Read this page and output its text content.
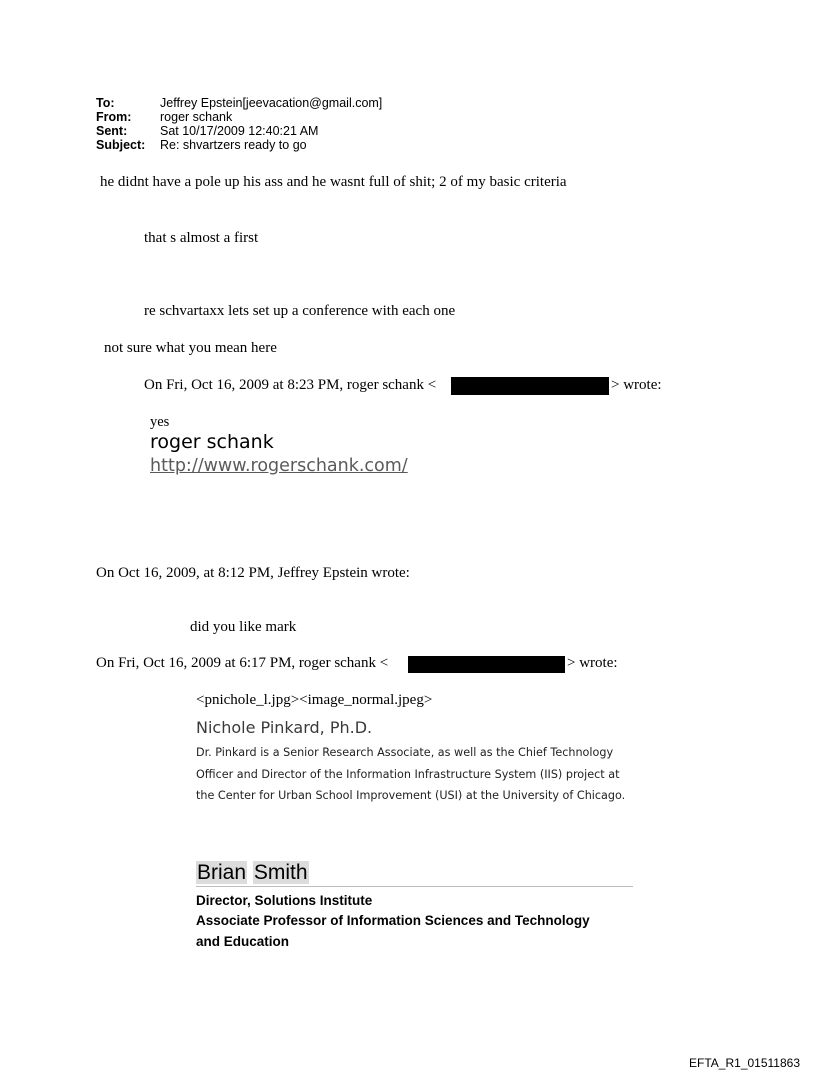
To:	Jeffrey Epstein[jeevacation@gmail.com]
From: roger schank
Sent:	Sat 10/17/2009 12:40:21 AM
Subject: Re: shvartzers ready to go
he didnt have a pole up his ass and he wasnt full of shit; 2 of my basic criteria
that s almost a first
re schvartaxx lets set up a conference with each one
not sure what you mean here
On Fri, Oct 16, 2009 at 8:23 PM, roger schank <	> wrote:
yes
roger schank
http://www.rogerschank.com/
On Oct 16, 2009, at 8:12 PM, Jeffrey Epstein wrote:
did you like mark
On Fri, Oct 16, 2009 at 6:17 PM, roger schank <	> wrote:
<pnichole_l.jpg><image_normal.jpeg>
Nichole Pinkard, Ph.D.
Dr. Pinkard is a Senior Research Associate, as well as the Chief Technology Officer and Director of the Information Infrastructure System (IIS) project at the Center for Urban School Improvement (USI) at the University of Chicago.
Brian Smith
Director, Solutions Institute
Associate Professor of Information Sciences and Technology and Education
EFTA_R1_01511863
